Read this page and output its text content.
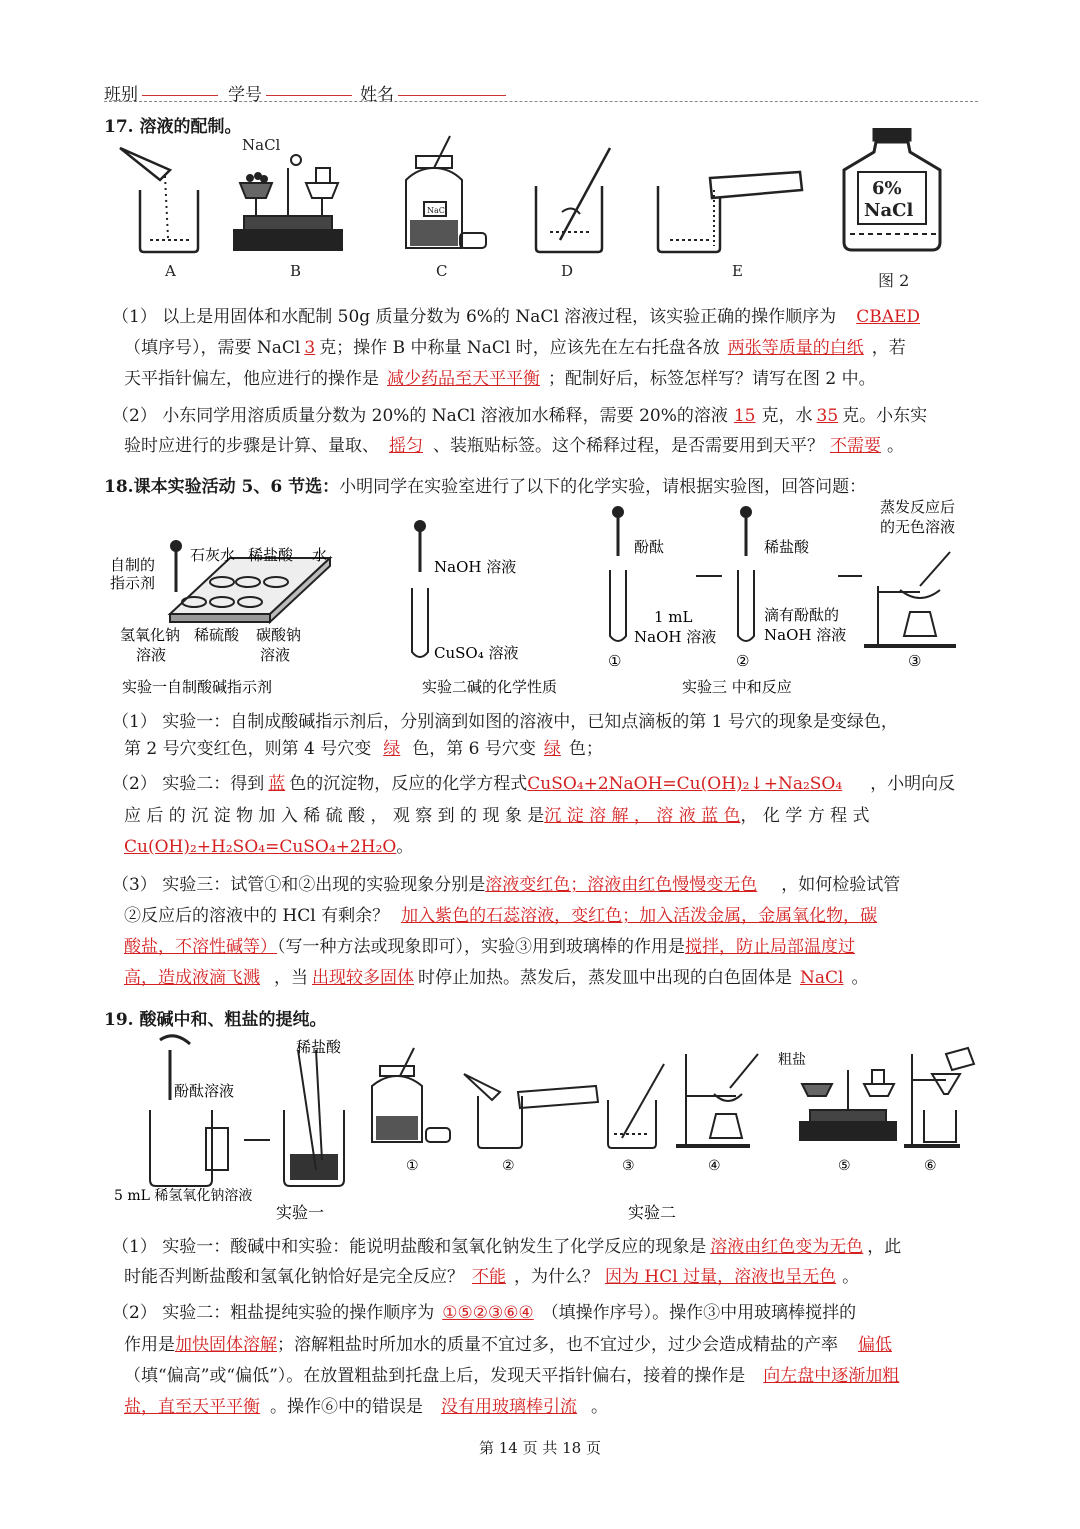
班别	学号	姓名
17. 溶液的配制。
NaCl
NaCl
A	B	C	D	E
6%
NaCl
图 2
（1） 以上是用固体和水配制 50g 质量分数为 6%的 NaCl 溶液过程，该实验正确的操作顺序为 CBAED
（填序号），需要 NaCl 3 克；操作 B 中称量 NaCl 时，应该先在左右托盘各放 两张等质量的白纸 ，若
天平指针偏左，他应进行的操作是 减少药品至天平平衡 ；配制好后，标签怎样写？请写在图 2 中。
（2） 小东同学用溶质质量分数为 20%的 NaCl 溶液加水稀释，需要 20%的溶液 15 克，水 35 克。小东实
验时应进行的步骤是计算、量取、 摇匀 、装瓶贴标签。这个稀释过程，是否需要用到天平？ 不需要 。
18.课本实验活动 5、6 节选：小明同学在实验室进行了以下的化学实验，请根据实验图，回答问题：
自制的
指示剂
石灰水 稀盐酸 水
氢氧化钠
溶液
稀硫酸 碳酸钠
溶液
NaOH 溶液
CuSO₄ 溶液
酚酞
1 mL
NaOH 溶液
①
稀盐酸
滴有酚酞的
NaOH 溶液
②
蒸发反应后
的无色溶液
③
实验一自制酸碱指示剂	实验二碱的化学性质	实验三 中和反应
（1） 实验一：自制成酸碱指示剂后，分别滴到如图的溶液中，已知点滴板的第 1 号穴的现象是变绿色，
第 2 号穴变红色，则第 4 号穴变 绿 色，第 6 号穴变 绿 色；
（2） 实验二：得到 蓝 色的沉淀物，反应的化学方程式CuSO₄+2NaOH=Cu(OH)₂↓+Na₂SO₄ ，小明向反
应 后 的 沉 淀 物 加 入 稀 硫 酸 ， 观 察 到 的 现 象 是沉 淀 溶 解 ， 溶 液 蓝 色， 化 学 方 程 式
Cu(OH)₂+H₂SO₄=CuSO₄+2H₂O。
（3） 实验三：试管①和②出现的实验现象分别是溶液变红色；溶液由红色慢慢变无色 ，如何检验试管
②反应后的溶液中的 HCl 有剩余？ 加入紫色的石蕊溶液，变红色；加入活泼金属，金属氧化物，碳
酸盐，不溶性碱等）（写一种方法或现象即可），实验③用到玻璃棒的作用是搅拌，防止局部温度过
高，造成液滴飞溅 ，当 出现较多固体 时停止加热。蒸发后，蒸发皿中出现的白色固体是 NaCl 。
19. 酸碱中和、粗盐的提纯。
酚酞溶液
5 mL 稀氢氧化钠溶液
稀盐酸
①	②	③	④
粗盐
⑤	⑥
实验一	实验二
（1） 实验一：酸碱中和实验：能说明盐酸和氢氧化钠发生了化学反应的现象是 溶液由红色变为无色 ，此
时能否判断盐酸和氢氧化钠恰好是完全反应？ 不能 ，为什么？ 因为 HCl 过量，溶液也呈无色 。
（2） 实验二：粗盐提纯实验的操作顺序为 ①⑤②③⑥④ （填操作序号）。操作③中用玻璃棒搅拌的
作用是加快固体溶解；溶解粗盐时所加水的质量不宜过多，也不宜过少，过少会造成精盐的产率 偏低
（填“偏高”或“偏低”）。在放置粗盐到托盘上后，发现天平指针偏右，接着的操作是 向左盘中逐渐加粗
盐，直至天平平衡 。操作⑥中的错误是 没有用玻璃棒引流 。
第 14 页 共 18 页
